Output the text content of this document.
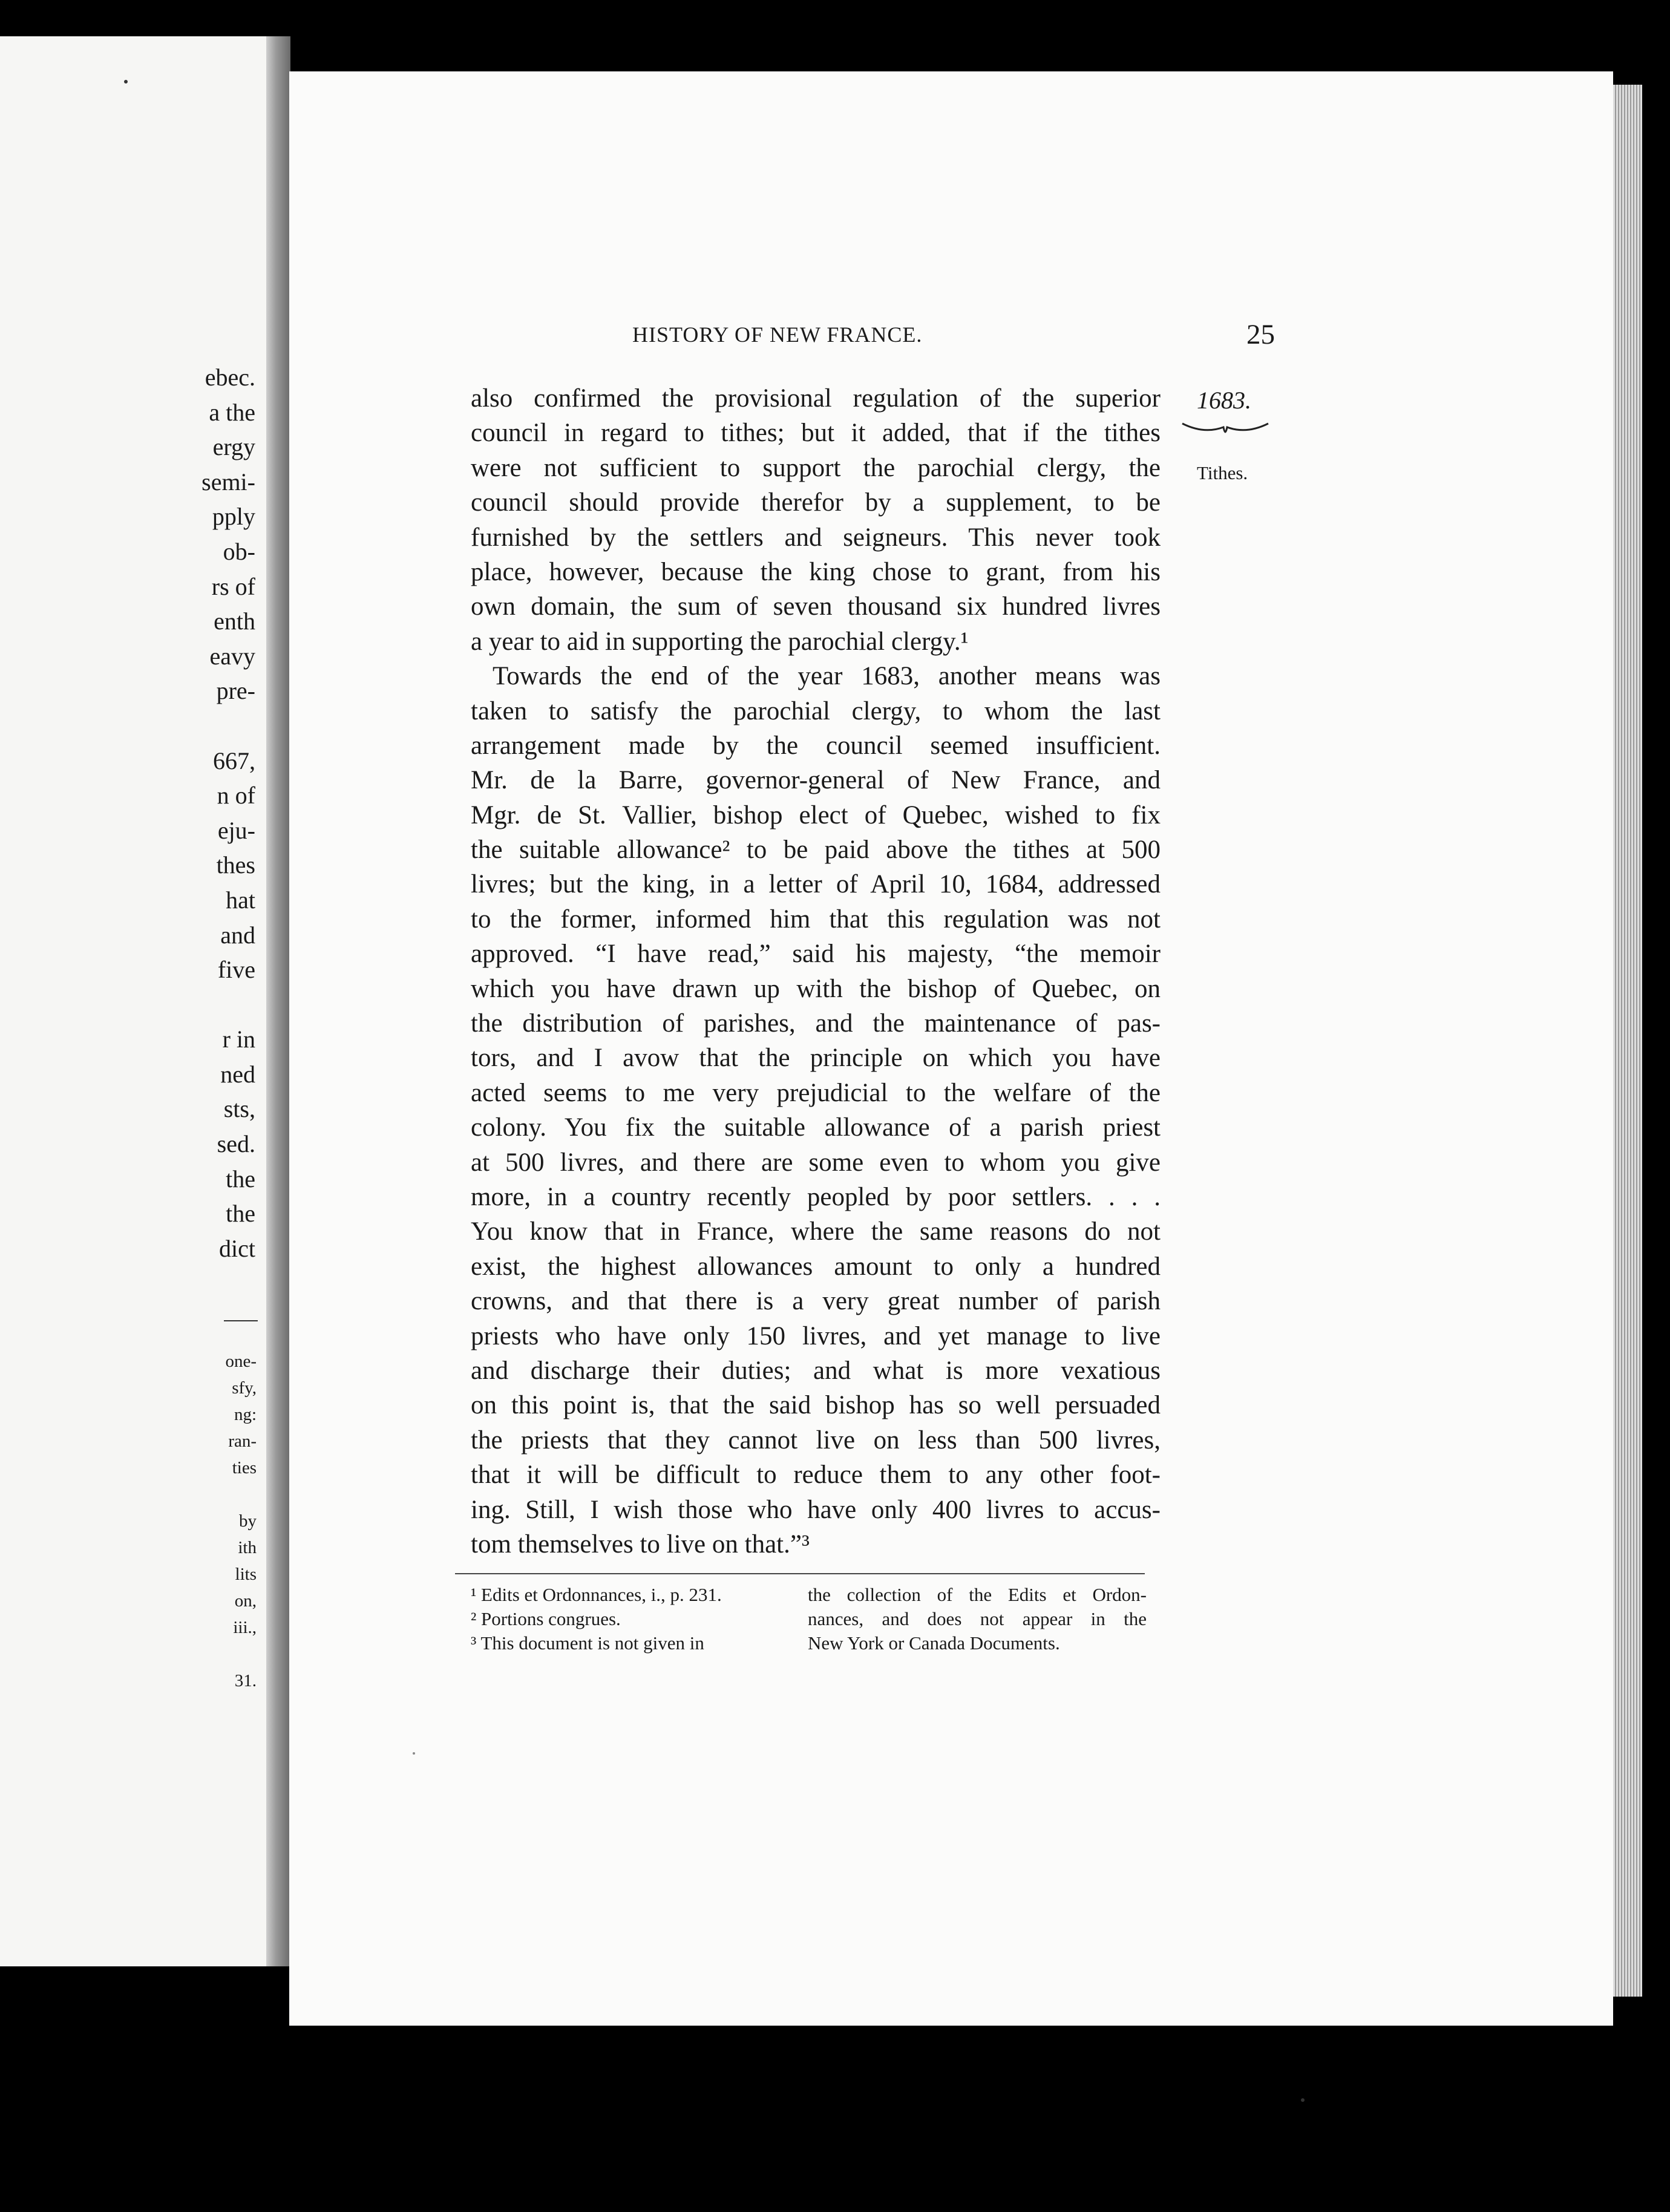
ebec.
a the
ergy
semi-
pply
ob-
rs of
enth
eavy
pre-

667,
n of
eju-
thes
hat
and
five

r in
ned
sts,
sed.
the
the
dict
one-
sfy,
ng:
ran-
ties

by
ith
lits
on,
iii.,

31.
HISTORY OF NEW FRANCE.	25
1683.
Tithes.
also confirmed the provisional regulation of the superior
council in regard to tithes; but it added, that if the tithes
were not sufficient to support the parochial clergy, the
council should provide therefor by a supplement, to be
furnished by the settlers and seigneurs. This never took
place, however, because the king chose to grant, from his
own domain, the sum of seven thousand six hundred livres
a year to aid in supporting the parochial clergy.¹
Towards the end of the year 1683, another means was
taken to satisfy the parochial clergy, to whom the last
arrangement made by the council seemed insufficient.
Mr. de la Barre, governor-general of New France, and
Mgr. de St. Vallier, bishop elect of Quebec, wished to fix
the suitable allowance² to be paid above the tithes at 500
livres; but the king, in a letter of April 10, 1684, addressed
to the former, informed him that this regulation was not
approved. “I have read,” said his majesty, “the memoir
which you have drawn up with the bishop of Quebec, on
the distribution of parishes, and the maintenance of pas-
tors, and I avow that the principle on which you have
acted seems to me very prejudicial to the welfare of the
colony. You fix the suitable allowance of a parish priest
at 500 livres, and there are some even to whom you give
more, in a country recently peopled by poor settlers. . . .
You know that in France, where the same reasons do not
exist, the highest allowances amount to only a hundred
crowns, and that there is a very great number of parish
priests who have only 150 livres, and yet manage to live
and discharge their duties; and what is more vexatious
on this point is, that the said bishop has so well persuaded
the priests that they cannot live on less than 500 livres,
that it will be difficult to reduce them to any other foot-
ing. Still, I wish those who have only 400 livres to accus-
tom themselves to live on that.”³
¹ Edits et Ordonnances, i., p. 231.
² Portions congrues.
³ This document is not given in
the collection of the Edits et Ordon-
nances, and does not appear in the
New York or Canada Documents.
